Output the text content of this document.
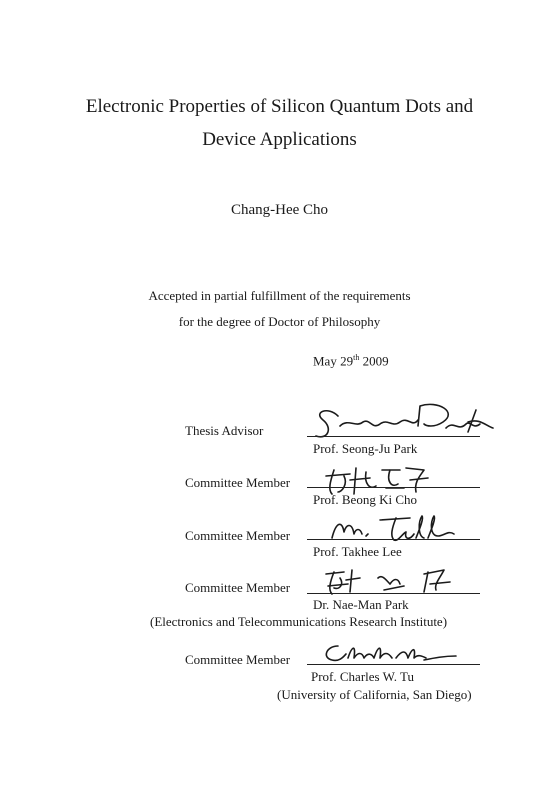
Electronic Properties of Silicon Quantum Dots and
Device Applications
Chang-Hee Cho
Accepted in partial fulfillment of the requirements
for the degree of Doctor of Philosophy
May 29th 2009
Thesis Advisor
Prof. Seong-Ju Park
Committee Member
Prof. Beong Ki Cho
Committee Member
Prof. Takhee Lee
Committee Member
Dr. Nae-Man Park
(Electronics and Telecommunications Research Institute)
Committee Member
Prof. Charles W. Tu
(University of California, San Diego)
